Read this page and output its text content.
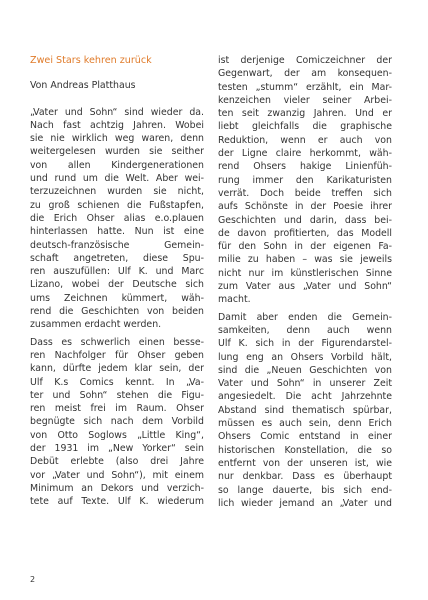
Zwei Stars kehren zurück
Von Andreas Platthaus

„Vater und Sohn“ sind wieder da.
Nach fast achtzig Jahren. Wobei
sie nie wirklich weg waren, denn
weitergelesen wurden sie seither
von allen Kindergenerationen
und rund um die Welt. Aber wei-
terzuzeichnen wurden sie nicht,
zu groß schienen die Fußstapfen,
die Erich Ohser alias e.o.plauen
hinterlassen hatte. Nun ist eine
deutsch-französische Gemein-
schaft angetreten, diese Spu-
ren auszufüllen: Ulf K. und Marc
Lizano, wobei der Deutsche sich
ums Zeichnen kümmert, wäh-
rend die Geschichten von beiden
zusammen erdacht werden.

Dass es schwerlich einen besse-
ren Nachfolger für Ohser geben
kann, dürfte jedem klar sein, der
Ulf K.s Comics kennt. In „Va-
ter und Sohn“ stehen die Figu-
ren meist frei im Raum. Ohser
begnügte sich nach dem Vorbild
von Otto Soglows „Little King“,
der 1931 im „New Yorker“ sein
Debüt erlebte (also drei Jahre
vor „Vater und Sohn“), mit einem
Minimum an Dekors und verzich-
tete auf Texte. Ulf K. wiederum

ist derjenige Comiczeichner der
Gegenwart, der am konsequen-
testen „stumm“ erzählt, ein Mar-
kenzeichen vieler seiner Arbei-
ten seit zwanzig Jahren. Und er
liebt gleichfalls die graphische
Reduktion, wenn er auch von
der Ligne claire herkommt, wäh-
rend Ohsers hakige Linienfüh-
rung immer den Karikaturisten
verrät. Doch beide treffen sich
aufs Schönste in der Poesie ihrer
Geschichten und darin, dass bei-
de davon profitierten, das Modell
für den Sohn in der eigenen Fa-
milie zu haben – was sie jeweils
nicht nur im künstlerischen Sinne
zum Vater aus „Vater und Sohn“
macht.

Damit aber enden die Gemein-
samkeiten, denn auch wenn
Ulf K. sich in der Figurendarstel-
lung eng an Ohsers Vorbild hält,
sind die „Neuen Geschichten von
Vater und Sohn“ in unserer Zeit
angesiedelt. Die acht Jahrzehnte
Abstand sind thematisch spürbar,
müssen es auch sein, denn Erich
Ohsers Comic entstand in einer
historischen Konstellation, die so
entfernt von der unseren ist, wie
nur denkbar. Dass es überhaupt
so lange dauerte, bis sich end-
lich wieder jemand an „Vater und

2
